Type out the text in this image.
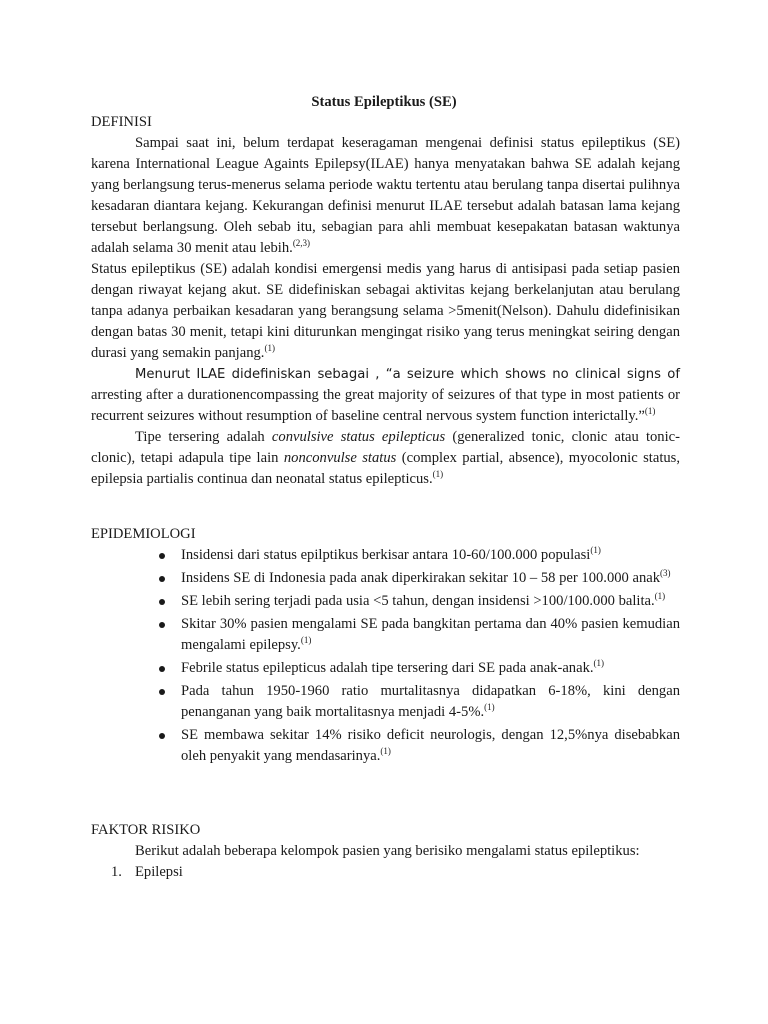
Status Epileptikus (SE)
DEFINISI

Sampai saat ini, belum terdapat keseragaman mengenai definisi status epileptikus (SE) karena International League Againts Epilepsy(ILAE) hanya menyatakan bahwa SE adalah kejang yang berlangsung terus-menerus selama periode waktu tertentu atau berulang tanpa disertai pulihnya kesadaran diantara kejang. Kekurangan definisi menurut ILAE tersebut adalah batasan lama kejang tersebut berlangsung. Oleh sebab itu, sebagian para ahli membuat kesepakatan batasan waktunya adalah selama 30 menit atau lebih.$^{(2,3)}$

Status epileptikus (SE) adalah kondisi emergensi medis yang harus di antisipasi pada setiap pasien dengan riwayat kejang akut. SE didefiniskan sebagai aktivitas kejang berkelanjutan atau berulang tanpa adanya perbaikan kesadaran yang berangsung selama >5menit(Nelson). Dahulu didefinisikan dengan batas 30 menit, tetapi kini diturunkan mengingat risiko yang terus meningkat seiring dengan durasi yang semakin panjang.$^{(1)}$

Menurut ILAE didefiniskan sebagai , “a seizure which shows no clinical signs of arresting after a durationencompassing the great majority of seizures of that type in most patients or recurrent seizures without resumption of baseline central nervous system function interictally.”$^{(1)}$

Tipe tersering adalah convulsive status epilepticus (generalized tonic, clonic atau tonic-clonic), tetapi adapula tipe lain nonconvulse status (complex partial, absence), myocolonic status, epilepsia partialis continua dan neonatal status epilepticus.$^{(1)}$

EPIDEMIOLOGI
Insidensi dari status epilptikus berkisar antara 10-60/100.000 populasi$^{(1)}$
Insidens SE di Indonesia pada anak diperkirakan sekitar 10 – 58 per 100.000 anak$^{(3)}$
SE lebih sering terjadi pada usia <5 tahun, dengan insidensi >100/100.000 balita.$^{(1)}$
Skitar 30% pasien mengalami SE pada bangkitan pertama dan 40% pasien kemudian mengalami epilepsy.$^{(1)}$
Febrile status epilepticus adalah tipe tersering dari SE pada anak-anak.$^{(1)}$
Pada tahun 1950-1960 ratio murtalitasnya didapatkan 6-18%, kini dengan penanganan yang baik mortalitasnya menjadi 4-5%.$^{(1)}$
SE membawa sekitar 14% risiko deficit neurologis, dengan 12,5%nya disebabkan oleh penyakit yang mendasarinya.$^{(1)}$
FAKTOR RISIKO

Berikut adalah beberapa kelompok pasien yang berisiko mengalami status epileptikus:

1. Epilepsi
